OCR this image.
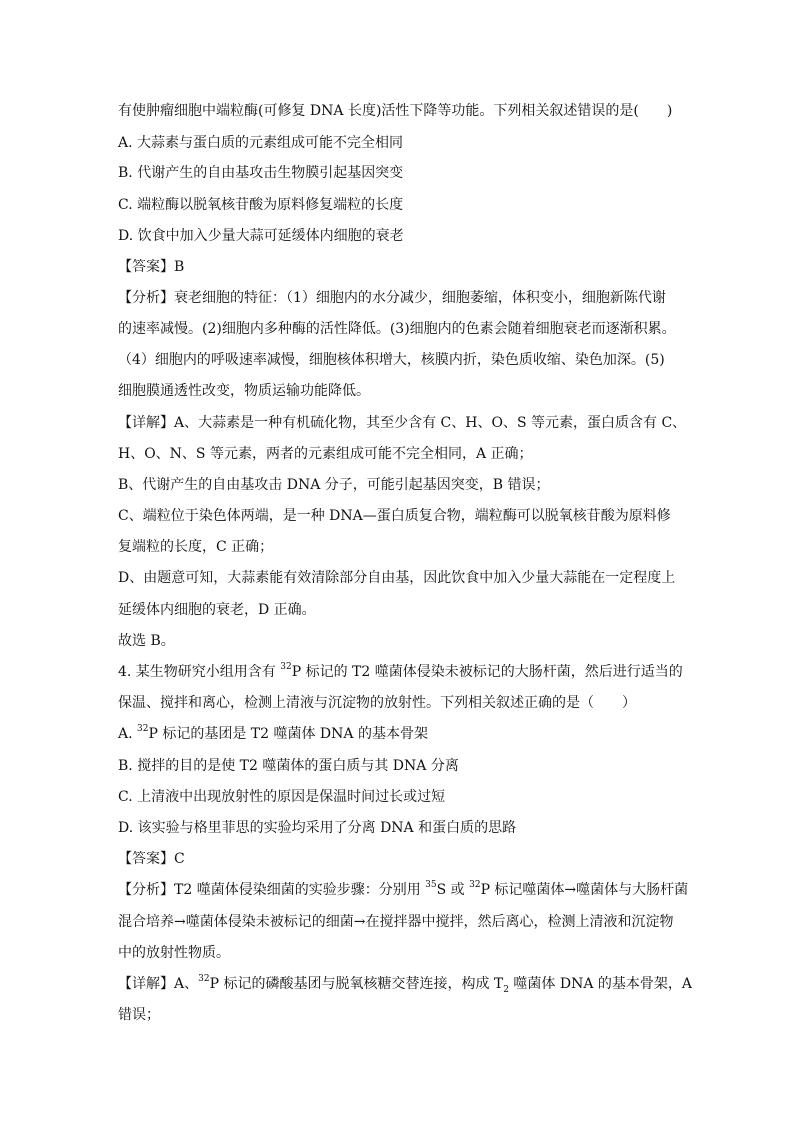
有使肿瘤细胞中端粒酶(可修复 DNA 长度)活性下降等功能。下列相关叙述错误的是(　　)
A. 大蒜素与蛋白质的元素组成可能不完全相同
B. 代谢产生的自由基攻击生物膜引起基因突变
C. 端粒酶以脱氧核苷酸为原料修复端粒的长度
D. 饮食中加入少量大蒜可延缓体内细胞的衰老
【答案】B
【分析】衰老细胞的特征：（1）细胞内的水分减少，细胞萎缩，体积变小，细胞新陈代谢
的速率减慢。(2)细胞内多种酶的活性降低。(3)细胞内的色素会随着细胞衰老而逐渐积累。
（4）细胞内的呼吸速率减慢，细胞核体积增大，核膜内折，染色质收缩、染色加深。(5)
细胞膜通透性改变，物质运输功能降低。
【详解】A、大蒜素是一种有机硫化物，其至少含有 C、H、O、S 等元素，蛋白质含有 C、
H、O、N、S 等元素，两者的元素组成可能不完全相同，A 正确；
B、代谢产生的自由基攻击 DNA 分子，可能引起基因突变，B 错误；
C、端粒位于染色体两端，是一种 DNA—蛋白质复合物，端粒酶可以脱氧核苷酸为原料修
复端粒的长度，C 正确；
D、由题意可知，大蒜素能有效清除部分自由基，因此饮食中加入少量大蒜能在一定程度上
延缓体内细胞的衰老，D 正确。
故选 B。
4. 某生物研究小组用含有 $^{32}$P 标记的 T2 噬菌体侵染未被标记的大肠杆菌，然后进行适当的
保温、搅拌和离心，检测上清液与沉淀物的放射性。下列相关叙述正确的是（　　）
A. $^{32}$P 标记的基团是 T2 噬菌体 DNA 的基本骨架
B. 搅拌的目的是使 T2 噬菌体的蛋白质与其 DNA 分离
C. 上清液中出现放射性的原因是保温时间过长或过短
D. 该实验与格里菲思的实验均采用了分离 DNA 和蛋白质的思路
【答案】C
【分析】T2 噬菌体侵染细菌的实验步骤：分别用 $^{35}$S 或 $^{32}$P 标记噬菌体→噬菌体与大肠杆菌
混合培养→噬菌体侵染未被标记的细菌→在搅拌器中搅拌，然后离心，检测上清液和沉淀物
中的放射性物质。
【详解】A、$^{32}$P 标记的磷酸基团与脱氧核糖交替连接，构成 $T_2$ 噬菌体 DNA 的基本骨架，A
错误；
